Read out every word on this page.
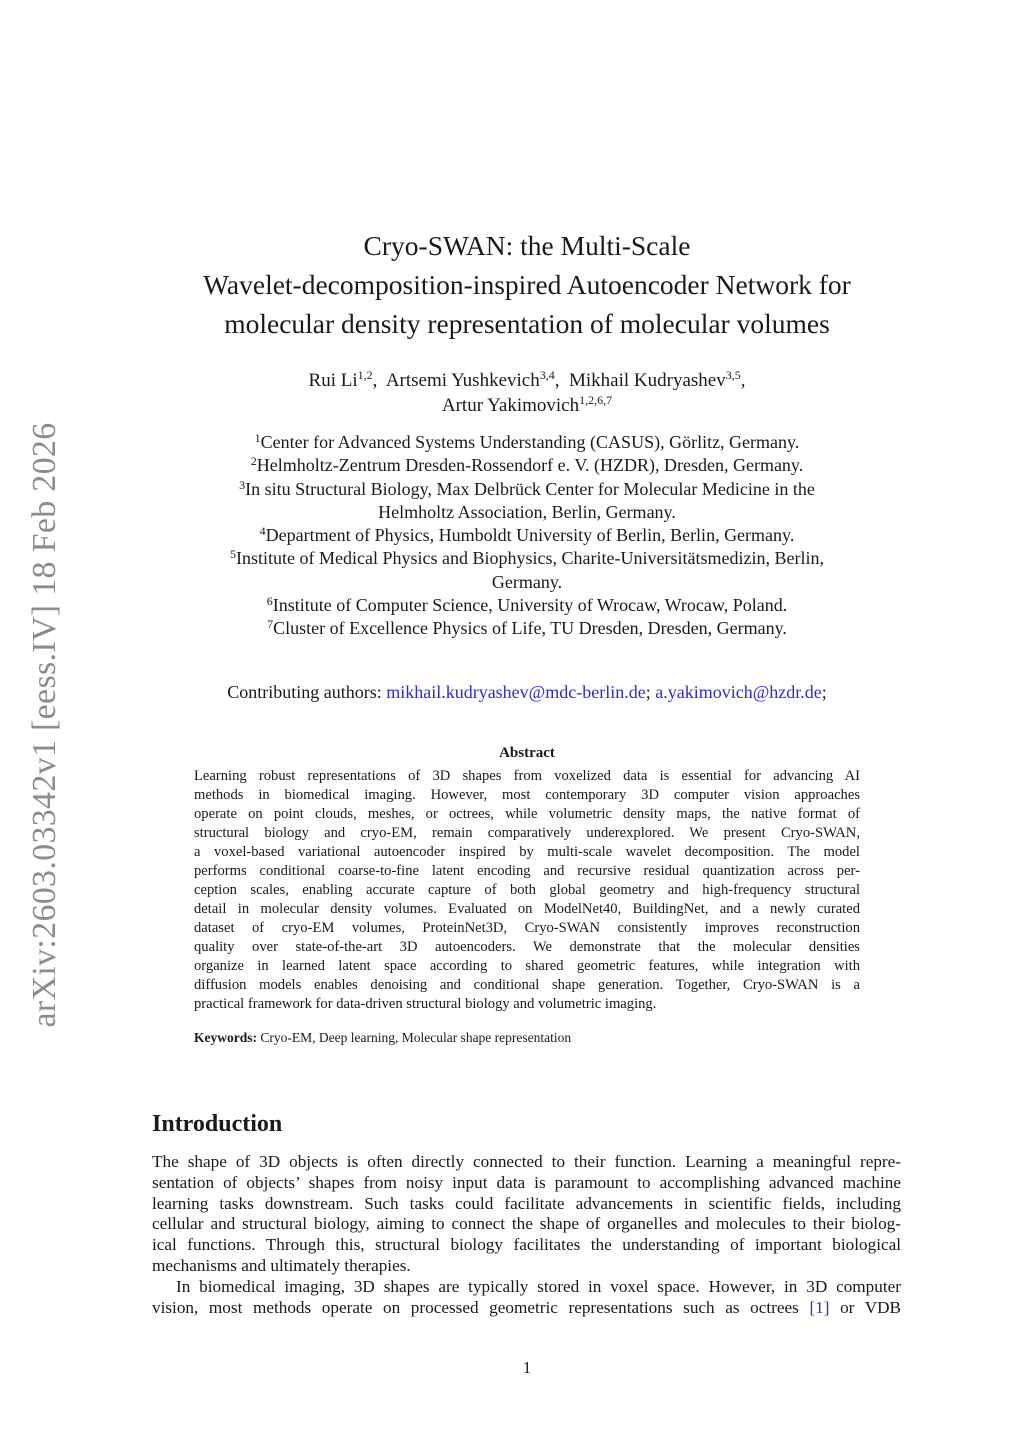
arXiv:2603.03342v1 [eess.IV] 18 Feb 2026
Cryo-SWAN: the Multi-Scale
Wavelet-decomposition-inspired Autoencoder Network for
molecular density representation of molecular volumes
Rui Li$^{1,2}$,  Artsemi Yushkevich$^{3,4}$,  Mikhail Kudryashev$^{3,5}$,
Artur Yakimovich$^{1,2,6,7}$
$^1$Center for Advanced Systems Understanding (CASUS), Görlitz, Germany.
$^2$Helmholtz-Zentrum Dresden-Rossendorf e. V. (HZDR), Dresden, Germany.
$^3$In situ Structural Biology, Max Delbrück Center for Molecular Medicine in the
Helmholtz Association, Berlin, Germany.
$^4$Department of Physics, Humboldt University of Berlin, Berlin, Germany.
$^5$Institute of Medical Physics and Biophysics, Charite-Universitätsmedizin, Berlin,
Germany.
$^6$Institute of Computer Science, University of Wrocaw, Wrocaw, Poland.
$^7$Cluster of Excellence Physics of Life, TU Dresden, Dresden, Germany.
Contributing authors: mikhail.kudryashev@mdc-berlin.de; a.yakimovich@hzdr.de;
Abstract
Learning robust representations of 3D shapes from voxelized data is essential for advancing AI
methods in biomedical imaging. However, most contemporary 3D computer vision approaches
operate on point clouds, meshes, or octrees, while volumetric density maps, the native format of
structural biology and cryo-EM, remain comparatively underexplored. We present Cryo-SWAN,
a voxel-based variational autoencoder inspired by multi-scale wavelet decomposition. The model
performs conditional coarse-to-fine latent encoding and recursive residual quantization across per-
ception scales, enabling accurate capture of both global geometry and high-frequency structural
detail in molecular density volumes. Evaluated on ModelNet40, BuildingNet, and a newly curated
dataset of cryo-EM volumes, ProteinNet3D, Cryo-SWAN consistently improves reconstruction
quality over state-of-the-art 3D autoencoders. We demonstrate that the molecular densities
organize in learned latent space according to shared geometric features, while integration with
diffusion models enables denoising and conditional shape generation. Together, Cryo-SWAN is a
practical framework for data-driven structural biology and volumetric imaging.
Keywords: Cryo-EM, Deep learning, Molecular shape representation
Introduction
The shape of 3D objects is often directly connected to their function. Learning a meaningful repre-
sentation of objects’ shapes from noisy input data is paramount to accomplishing advanced machine
learning tasks downstream. Such tasks could facilitate advancements in scientific fields, including
cellular and structural biology, aiming to connect the shape of organelles and molecules to their biolog-
ical functions. Through this, structural biology facilitates the understanding of important biological
mechanisms and ultimately therapies.
In biomedical imaging, 3D shapes are typically stored in voxel space. However, in 3D computer
vision, most methods operate on processed geometric representations such as octrees [1] or VDB
1
